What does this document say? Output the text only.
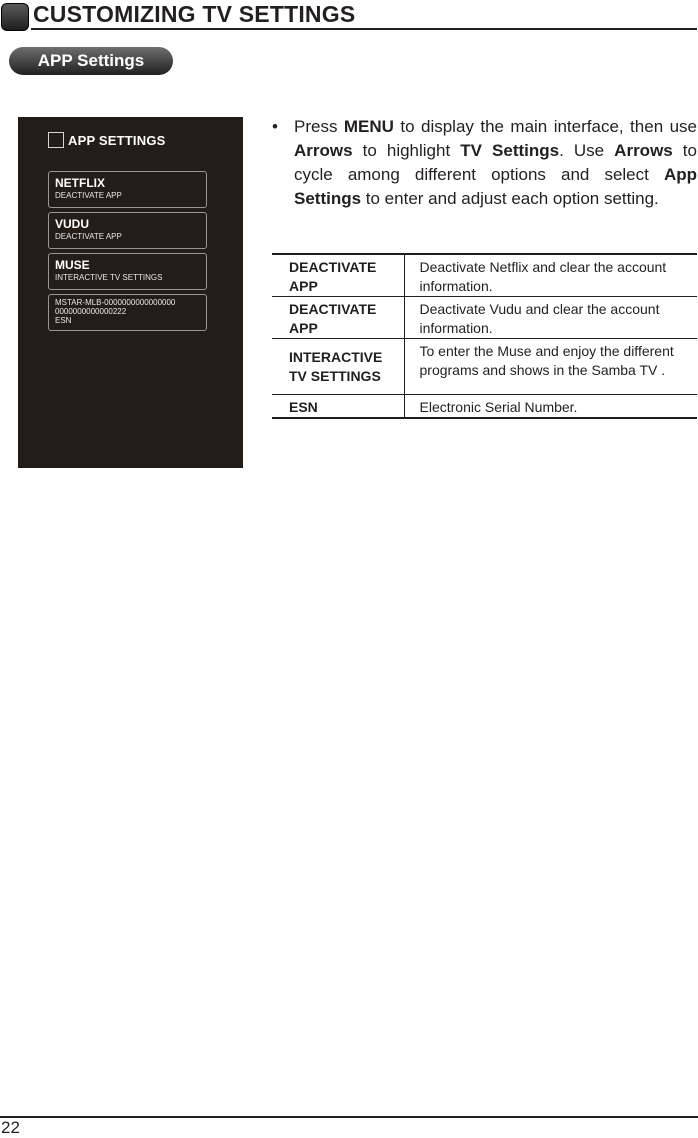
CUSTOMIZING TV SETTINGS
APP Settings
APP SETTINGS
NETFLIX
DEACTIVATE APP
VUDU
DEACTIVATE APP
MUSE
INTERACTIVE TV SETTINGS
MSTAR-MLB-0000000000000000
0000000000000222
ESN
• Press MENU to display the main interface, then use Arrows to highlight TV Settings. Use Arrows to cycle among different options and select App Settings to enter and adjust each option setting.
DEACTIVATE APP	Deactivate Netflix and clear the account information.
DEACTIVATE APP	Deactivate Vudu and clear the account information.
INTERACTIVE TV SETTINGS	To enter the Muse and enjoy the different programs and shows in the Samba TV .
ESN	Electronic Serial Number.
22
